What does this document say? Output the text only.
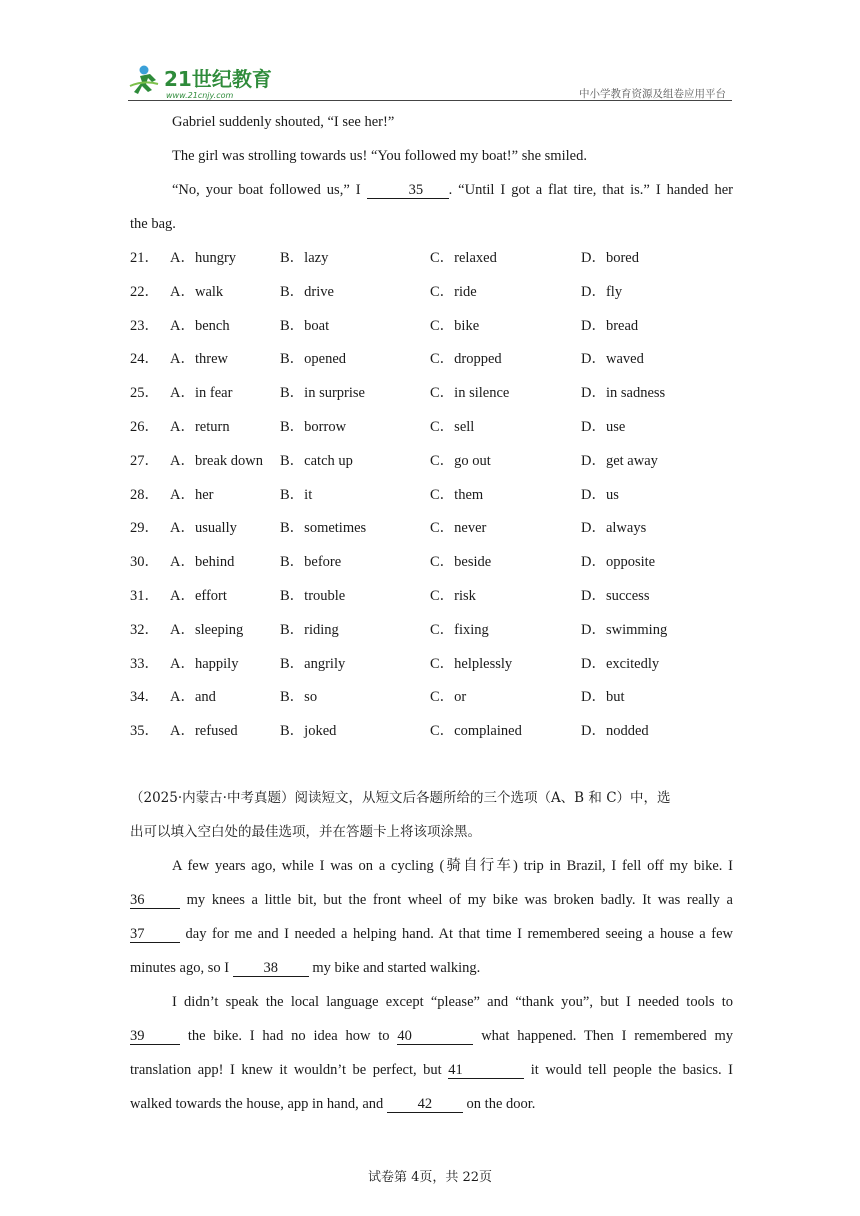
21世纪教育
www.21cnjy.com	中小学教育资源及组卷应用平台
Gabriel suddenly shouted, “I see her!”
The girl was strolling towards us! “You followed my boat!” she smiled.
“No, your boat followed us,” I	35 . “Until I got a flat tire, that is.” I handed her
the bag.
21． A．hungry	B．lazy	C．relaxed	D．bored
22． A．walk	B．drive	C．ride	D．fly
23． A．bench	B．boat	C．bike	D．bread
24． A．threw	B．opened	C．dropped	D．waved
25． A．in fear	B．in surprise	C．in silence	D．in sadness
26． A．return	B．borrow	C．sell	D．use
27． A．break down B．catch up	C．go out	D．get away
28． A．her	B．it	C．them	D．us
29． A．usually	B．sometimes	C．never	D．always
30． A．behind	B．before	C．beside	D．opposite
31． A．effort	B．trouble	C．risk	D．success
32． A．sleeping	B．riding	C．fixing	D．swimming
33． A．happily	B．angrily	C．helplessly	D．excitedly
34． A．and	B．so	C．or	D．but
35． A．refused	B．joked	C．complained	D．nodded
（2025·内蒙古·中考真题）阅读短文，从短文后各题所给的三个选项（A、B 和 C）中，选
出可以填入空白处的最佳选项，并在答题卡上将该项涂黑。
A few years ago, while I was on a cycling (骑自行车) trip in Brazil, I fell off my bike. I
36	my knees a little bit, but the front wheel of my bike was broken badly. It was really a
37	day for me and I needed a helping hand. At that time I remembered seeing a house a few
minutes ago, so I 38 my bike and started walking.
I didn’t speak the local language except “please” and “thank you”, but I needed tools to
39	the bike. I had no idea how to 40	what happened. Then I remembered my
translation app! I knew it wouldn’t be perfect, but 41	it would tell people the basics. I
walked towards the house, app in hand, and 42 on the door.
试卷第 4页，共 22页
